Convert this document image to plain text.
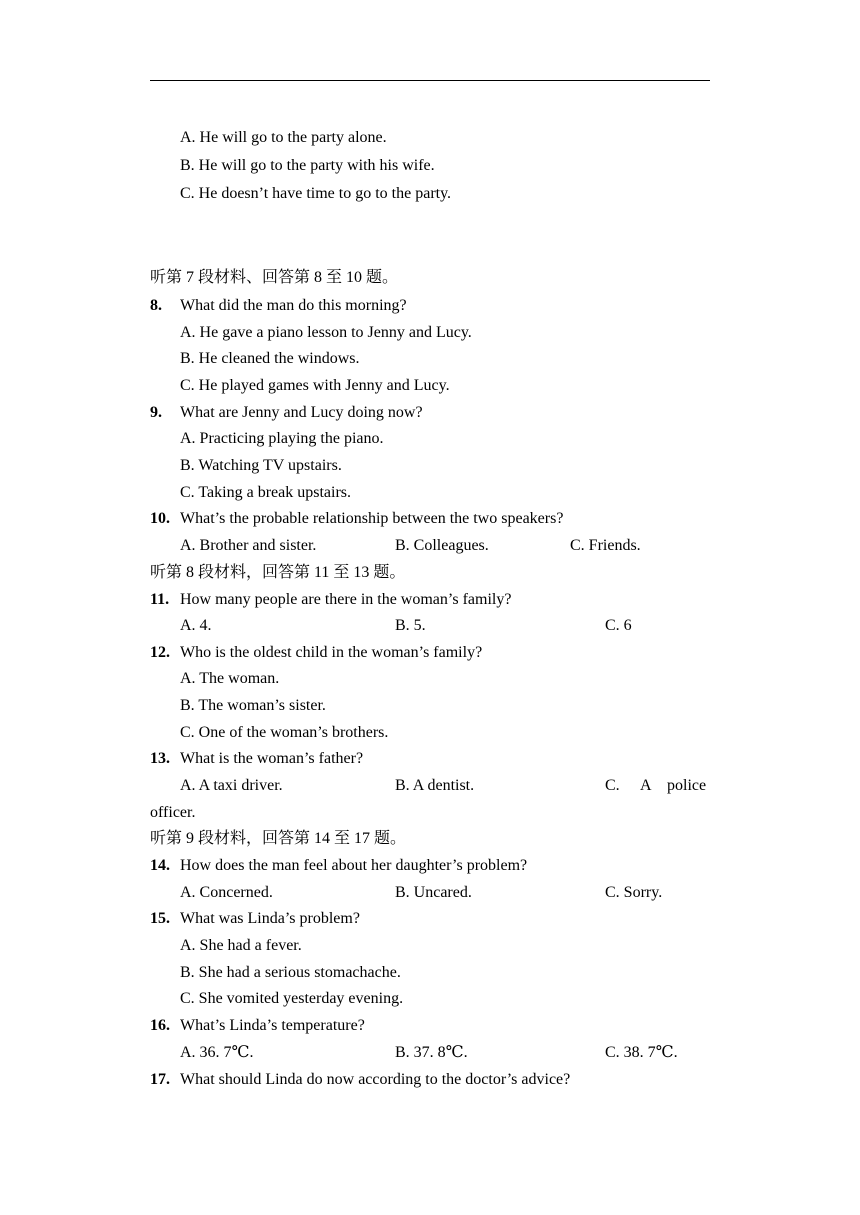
A. He will go to the party alone.
B. He will go to the party with his wife.
C. He doesn’t have time to go to the party.
听第 7 段材料、回答第 8 至 10 题。
8. What did the man do this morning?
A. He gave a piano lesson to Jenny and Lucy.
B. He cleaned the windows.
C. He played games with Jenny and Lucy.
9. What are Jenny and Lucy doing now?
A. Practicing playing the piano.
B. Watching TV upstairs.
C. Taking a break upstairs.
10. What’s the probable relationship between the two speakers?
A. Brother and sister.	B. Colleagues.	C. Friends.
听第 8 段材料，回答第 11 至 13 题。
11. How many people are there in the woman’s family?
A. 4.	B. 5.	C. 6
12. Who is the oldest child in the woman’s family?
A. The woman.
B. The woman’s sister.
C. One of the woman’s brothers.
13. What is the woman’s father?
A. A taxi driver.	B. A dentist.	C. A police
officer.
听第 9 段材料，回答第 14 至 17 题。
14. How does the man feel about her daughter’s problem?
A. Concerned.	B. Uncared.	C. Sorry.
15. What was Linda’s problem?
A. She had a fever.
B. She had a serious stomachache.
C. She vomited yesterday evening.
16. What’s Linda’s temperature?
A. 36. 7℃.	B. 37. 8℃.	C. 38. 7℃.
17. What should Linda do now according to the doctor’s advice?
